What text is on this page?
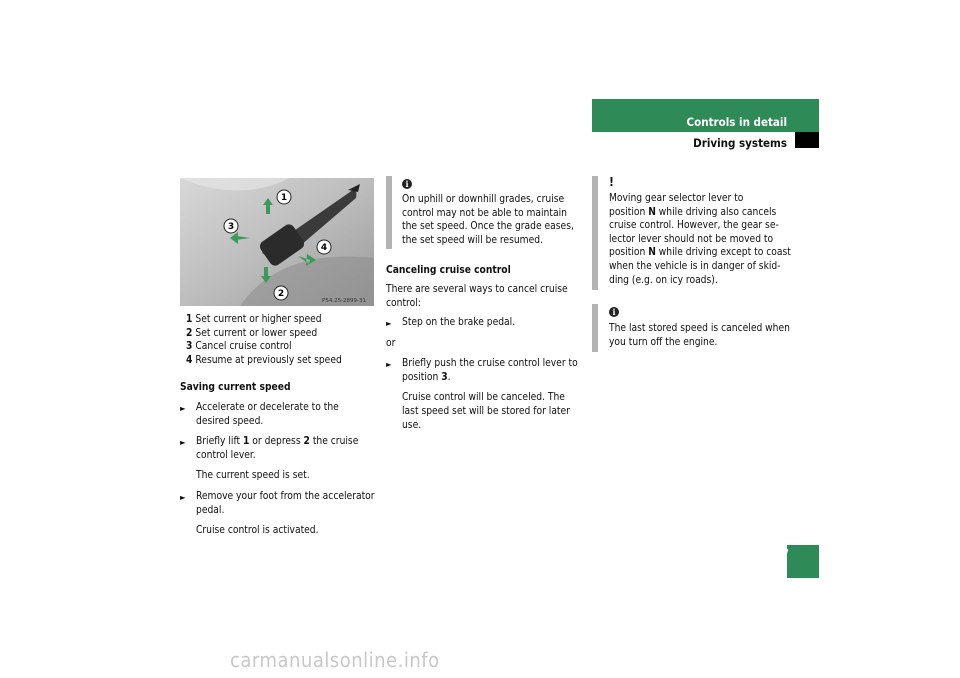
Controls in detail
Driving systems
137
1
3
4
2
P54.25-2899-31
1 Set current or higher speed
2 Set current or lower speed
3 Cancel cruise control
4 Resume at previously set speed
Saving current speed
► Accelerate or decelerate to the desired speed.
► Briefly lift 1 or depress 2 the cruise control lever.
The current speed is set.
► Remove your foot from the accelerator pedal.
Cruise control is activated.
i
On uphill or downhill grades, cruise control may not be able to maintain the set speed. Once the grade eases, the set speed will be resumed.
Canceling cruise control
There are several ways to cancel cruise control:
► Step on the brake pedal.
or
► Briefly push the cruise control lever to position 3.
Cruise control will be canceled. The last speed set will be stored for later use.
!
Moving gear selector lever to
position N while driving also cancels
cruise control. However, the gear se-
lector lever should not be moved to
position N while driving except to coast
when the vehicle is in danger of skid-
ding (e.g. on icy roads).
i
The last stored speed is canceled when you turn off the engine.
carmanualsonline.info
